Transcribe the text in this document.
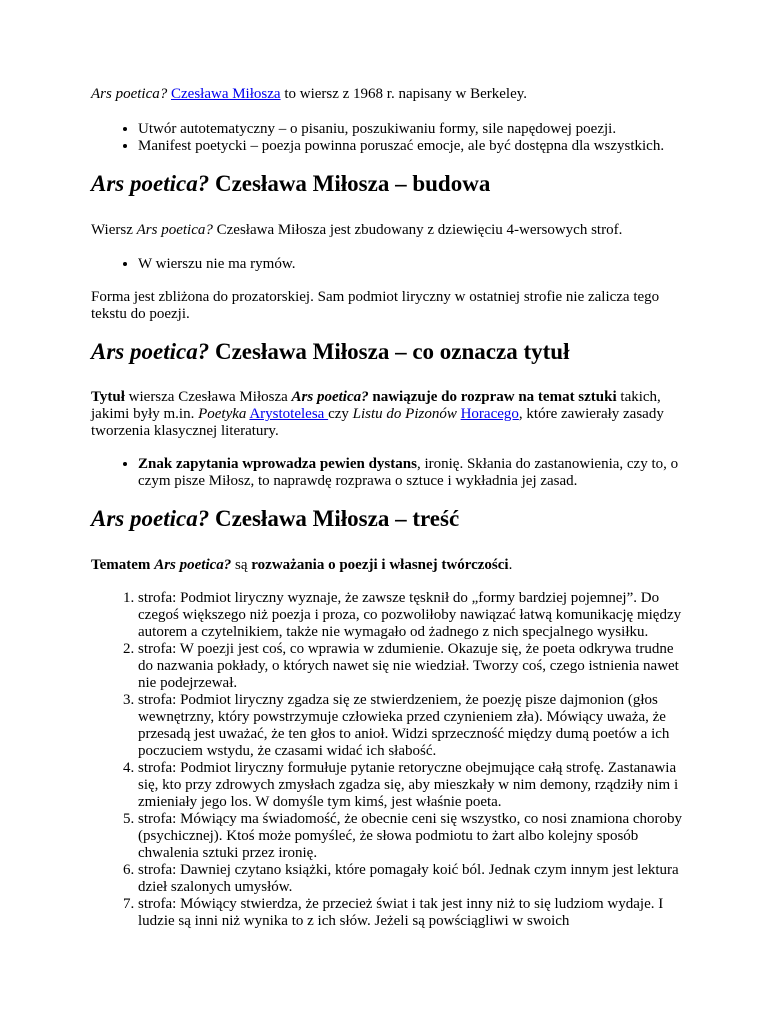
Ars poetica? Czesława Miłosza to wiersz z 1968 r. napisany w Berkeley.

• Utwór autotematyczny – o pisaniu, poszukiwaniu formy, sile napędowej poezji.
• Manifest poetycki – poezja powinna poruszać emocje, ale być dostępna dla wszystkich.
Ars poetica? Czesława Miłosza – budowa

Wiersz Ars poetica? Czesława Miłosza jest zbudowany z dziewięciu 4-wersowych strof.

• W wierszu nie ma rymów.

Forma jest zbliżona do prozatorskiej. Sam podmiot liryczny w ostatniej strofie nie zalicza tego tekstu do poezji.

Ars poetica? Czesława Miłosza – co oznacza tytuł

Tytuł wiersza Czesława Miłosza Ars poetica? nawiązuje do rozpraw na temat sztuki takich, jakimi były m.in. Poetyka Arystotelesa czy Listu do Pizonów Horacego, które zawierały zasady tworzenia klasycznej literatury.

• Znak zapytania wprowadza pewien dystans, ironię. Skłania do zastanowienia, czy to, o czym pisze Miłosz, to naprawdę rozprawa o sztuce i wykładnia jej zasad.
Ars poetica? Czesława Miłosza – treść

Tematem Ars poetica? są rozważania o poezji i własnej twórczości.

1. strofa: Podmiot liryczny wyznaje, że zawsze tęsknił do „formy bardziej pojemnej”. Do czegoś większego niż poezja i proza, co pozwoliłoby nawiązać łatwą komunikację między autorem a czytelnikiem, także nie wymagało od żadnego z nich specjalnego wysiłku.
2. strofa: W poezji jest coś, co wprawia w zdumienie. Okazuje się, że poeta odkrywa trudne do nazwania pokłady, o których nawet się nie wiedział. Tworzy coś, czego istnienia nawet nie podejrzewał.
3. strofa: Podmiot liryczny zgadza się ze stwierdzeniem, że poezję pisze dajmonion (głos wewnętrzny, który powstrzymuje człowieka przed czynieniem zła). Mówiący uważa, że przesadą jest uważać, że ten głos to anioł. Widzi sprzeczność między dumą poetów a ich poczuciem wstydu, że czasami widać ich słabość.
4. strofa: Podmiot liryczny formułuje pytanie retoryczne obejmujące całą strofę. Zastanawia się, kto przy zdrowych zmysłach zgadza się, aby mieszkały w nim demony, rządziły nim i zmieniały jego los. W domyśle tym kimś, jest właśnie poeta.
5. strofa: Mówiący ma świadomość, że obecnie ceni się wszystko, co nosi znamiona choroby (psychicznej). Ktoś może pomyśleć, że słowa podmiotu to żart albo kolejny sposób chwalenia sztuki przez ironię.
6. strofa: Dawniej czytano książki, które pomagały koić ból. Jednak czym innym jest lektura dzieł szalonych umysłów.
7. strofa: Mówiący stwierdza, że przecież świat i tak jest inny niż to się ludziom wydaje. I ludzie są inni niż wynika to z ich słów. Jeżeli są powściągliwi w swoich
